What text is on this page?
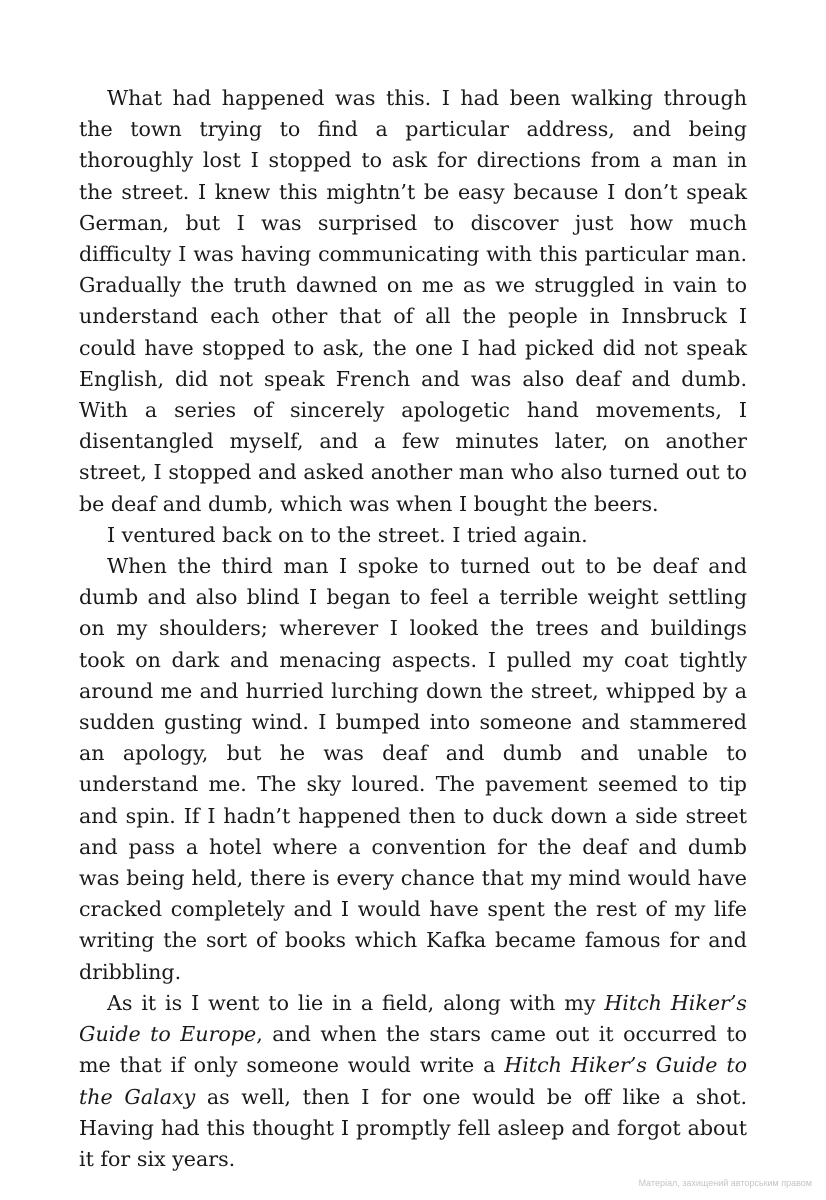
What had happened was this. I had been walking through the town trying to find a particular address, and being thoroughly lost I stopped to ask for directions from a man in the street. I knew this mightn’t be easy because I don’t speak German, but I was surprised to discover just how much difficulty I was having communicating with this particular man. Gradually the truth dawned on me as we struggled in vain to understand each other that of all the people in Innsbruck I could have stopped to ask, the one I had picked did not speak English, did not speak French and was also deaf and dumb. With a series of sincerely apologetic hand movements, I disentangled myself, and a few minutes later, on another street, I stopped and asked another man who also turned out to be deaf and dumb, which was when I bought the beers.

I ventured back on to the street. I tried again.

When the third man I spoke to turned out to be deaf and dumb and also blind I began to feel a terrible weight settling on my shoulders; wherever I looked the trees and buildings took on dark and menacing aspects. I pulled my coat tightly around me and hurried lurching down the street, whipped by a sudden gusting wind. I bumped into someone and stammered an apology, but he was deaf and dumb and unable to understand me. The sky loured. The pavement seemed to tip and spin. If I hadn’t happened then to duck down a side street and pass a hotel where a convention for the deaf and dumb was being held, there is every chance that my mind would have cracked completely and I would have spent the rest of my life writing the sort of books which Kafka became famous for and dribbling.

As it is I went to lie in a field, along with my Hitch Hiker’s Guide to Europe, and when the stars came out it occurred to me that if only someone would write a Hitch Hiker’s Guide to the Galaxy as well, then I for one would be off like a shot. Having had this thought I promptly fell asleep and forgot about it for six years.

Матеріал, захищений авторським правом
